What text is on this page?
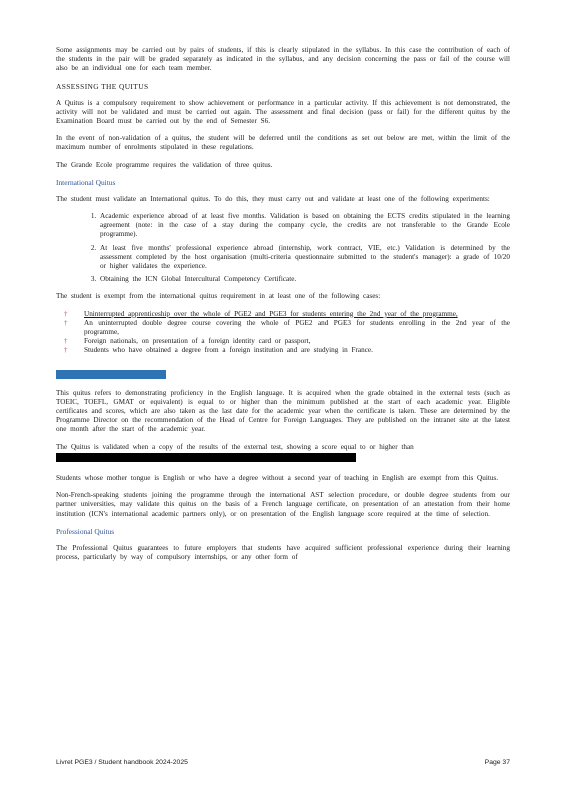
Some assignments may be carried out by pairs of students, if this is clearly stipulated in the syllabus. In this case the contribution of each of the students in the pair will be graded separately as indicated in the syllabus, and any decision concerning the pass or fail of the course will also be an individual one for each team member.

ASSESSING THE QUITUS

A Quitus is a compulsory requirement to show achievement or performance in a particular activity. If this achievement is not demonstrated, the activity will not be validated and must be carried out again. The assessment and final decision (pass or fail) for the different quitus by the Examination Board must be carried out by the end of Semester S6.

In the event of non-validation of a quitus, the student will be deferred until the conditions as set out below are met, within the limit of the maximum number of enrolments stipulated in these regulations.

The Grande Ecole programme requires the validation of three quitus.

International Quitus

The student must validate an International quitus. To do this, they must carry out and validate at least one of the following experiments:

1. Academic experience abroad of at least five months. Validation is based on obtaining the ECTS credits stipulated in the learning agreement (note: in the case of a stay during the company cycle, the credits are not transferable to the Grande Ecole programme).
2. At least five months' professional experience abroad (internship, work contract, VIE, etc.) Validation is determined by the assessment completed by the host organisation (multi-criteria questionnaire submitted to the student's manager): a grade of 10/20 or higher validates the experience.
3. Obtaining the ICN Global Intercultural Competency Certificate.

The student is exempt from the international quitus requirement in at least one of the following cases:

† Uninterrupted apprenticeship over the whole of PGE2 and PGE3 for students entering the 2nd year of the programme,
† An uninterrupted double degree course covering the whole of PGE2 and PGE3 for students enrolling in the 2nd year of the programme,
† Foreign nationals, on presentation of a foreign identity card or passport,
† Students who have obtained a degree from a foreign institution and are studying in France.

This quitus refers to demonstrating proficiency in the English language. It is acquired when the grade obtained in the external tests (such as TOEIC, TOEFL, GMAT or equivalent) is equal to or higher than the minimum published at the start of each academic year. Eligible certificates and scores, which are also taken as the last date for the academic year when the certificate is taken. These are determined by the Programme Director on the recommendation of the Head of Centre for Foreign Languages. They are published on the intranet site at the latest one month after the start of the academic year.

The Quitus is validated when a copy of the results of the external test, showing a score equal to or higher than

Students whose mother tongue is English or who have a degree without a second year of teaching in English are exempt from this Quitus.

Non-French-speaking students joining the programme through the international AST selection procedure, or double degree students from our partner universities, may validate this quitus on the basis of a French language certificate, on presentation of an attestation from their home institution (ICN's international academic partners only), or on presentation of the English language score required at the time of selection.

Professional Quitus

The Professional Quitus guarantees to future employers that students have acquired sufficient professional experience during their learning process, particularly by way of compulsory internships, or any other form of

Livret PGE3 / Student handbook 2024-2025	Page 37
